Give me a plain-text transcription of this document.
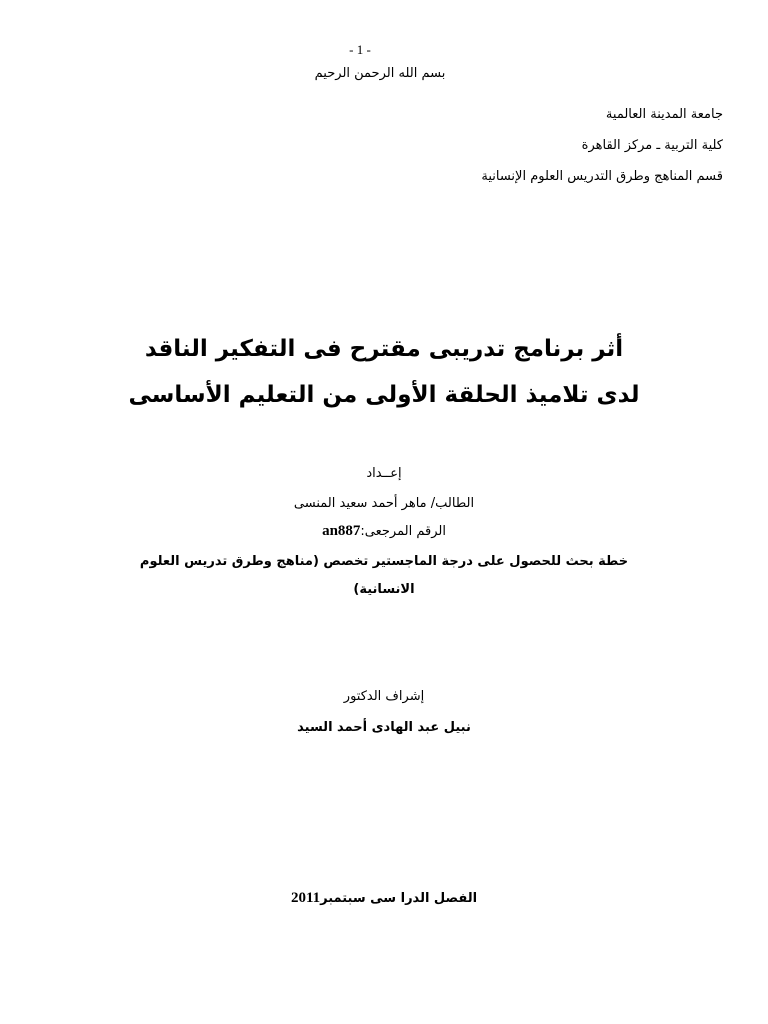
- 1 -
بسم الله الرحمن الرحيم
جامعة المدينة العالمية
كلية التربية ـ مركز القاهرة
قسم المناهج وطرق التدريس العلوم الإنسانية
أثر برنامج تدريبى مقترح فى التفكير الناقد
لدى تلاميذ الحلقة الأولى من التعليم الأساسى
إعــداد
الطالب/ ماهر أحمد سعيد المنسى
الرقم المرجعى:an887
خطة بحث للحصول على درجة الماجستير تخصص (مناهج وطرق تدريس العلوم
الانسانية)
إشراف الدكتور
نبيل عبد الهادى أحمد السيد
الفصل الدرا سى سبتمبر2011
